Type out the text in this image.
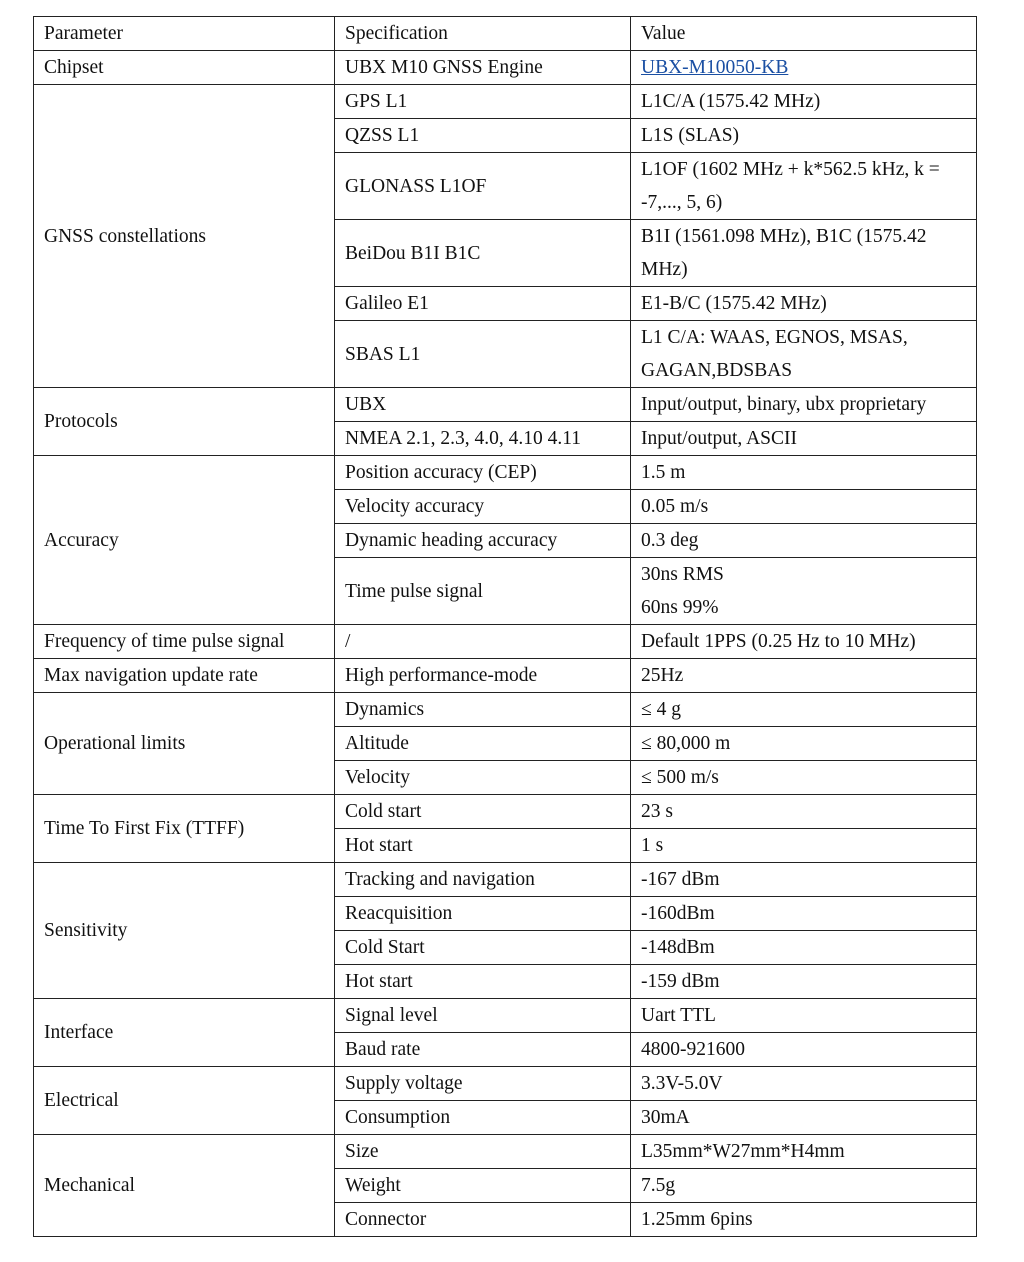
Parameter	Specification	Value
Chipset	UBX M10 GNSS Engine	UBX-M10050-KB
GNSS constellations	GPS L1	L1C/A (1575.42 MHz)
	QZSS L1	L1S (SLAS)
	GLONASS L1OF	L1OF (1602 MHz + k*562.5 kHz, k = -7,..., 5, 6)
	BeiDou B1I B1C	B1I (1561.098 MHz), B1C (1575.42 MHz)
	Galileo E1	E1-B/C (1575.42 MHz)
	SBAS L1	L1 C/A: WAAS, EGNOS, MSAS, GAGAN,BDSBAS
Protocols	UBX	Input/output, binary, ubx proprietary
	NMEA 2.1, 2.3, 4.0, 4.10 4.11	Input/output, ASCII
Accuracy	Position accuracy (CEP)	1.5 m
	Velocity accuracy	0.05 m/s
	Dynamic heading accuracy	0.3 deg
	Time pulse signal	30ns RMS
60ns 99%

Frequency of time pulse signal	/	Default 1PPS (0.25 Hz to 10 MHz)
Max navigation update rate	High performance-mode	25Hz
Operational limits	Dynamics	≤ 4 g
	Altitude	≤ 80,000 m
	Velocity	≤ 500 m/s
Time To First Fix (TTFF)	Cold start	23 s
	Hot start	1 s
Sensitivity	Tracking and navigation	-167 dBm
	Reacquisition	-160dBm
	Cold Start	-148dBm
	Hot start	-159 dBm
Interface	Signal level	Uart TTL
	Baud rate	4800-921600
Electrical	Supply voltage	3.3V-5.0V
	Consumption	30mA
Mechanical	Size	L35mm*W27mm*H4mm
	Weight	7.5g
	Connector	1.25mm 6pins
